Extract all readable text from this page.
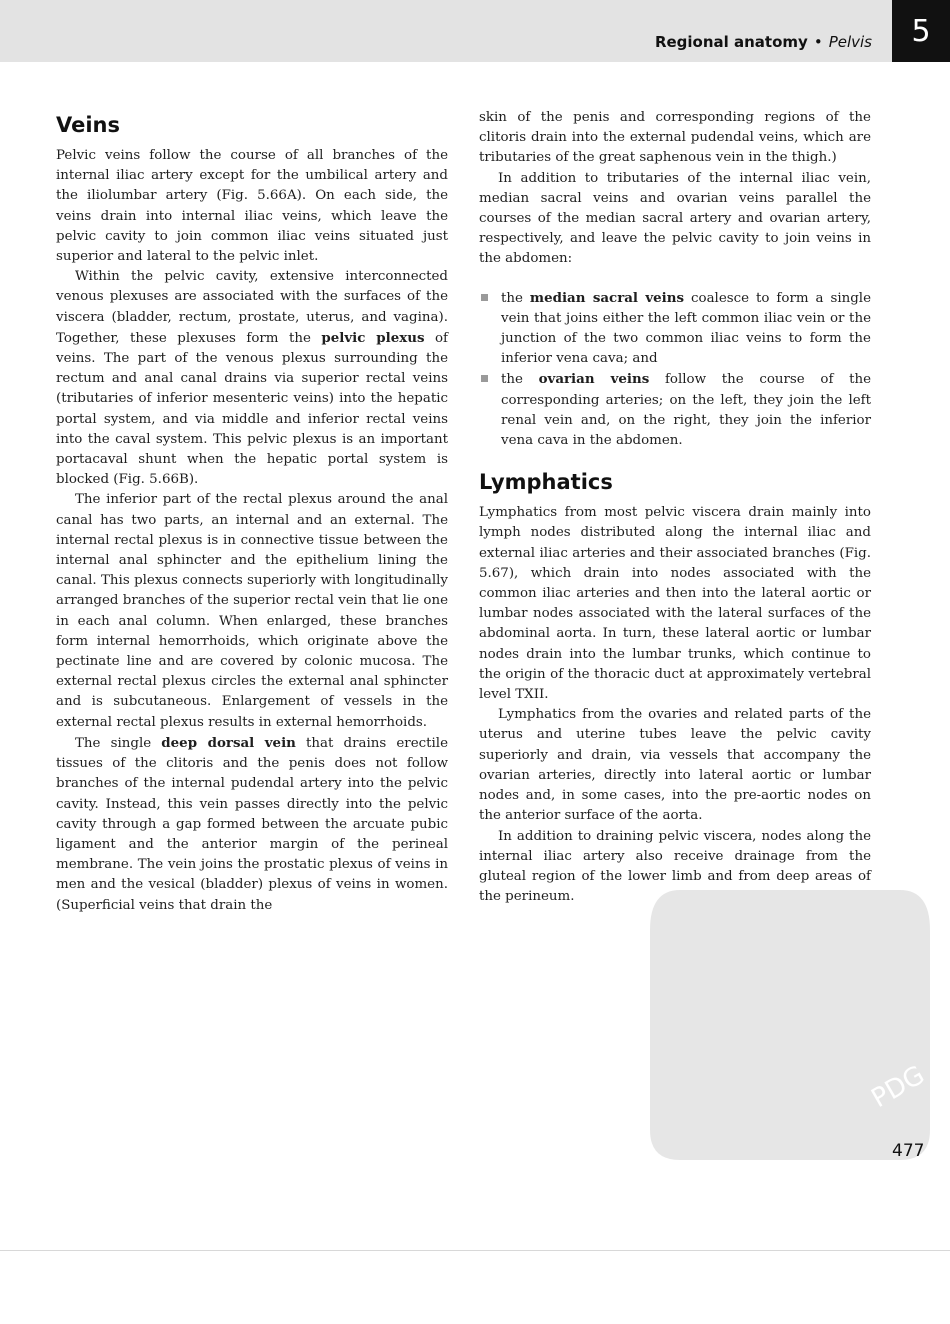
Regional anatomy • Pelvis	5
Veins

Pelvic veins follow the course of all branches of the internal iliac artery except for the umbilical artery and the iliolumbar artery (Fig. 5.66A). On each side, the veins drain into internal iliac veins, which leave the pelvic cavity to join common iliac veins situated just superior and lateral to the pelvic inlet.

Within the pelvic cavity, extensive interconnected venous plexuses are associated with the surfaces of the viscera (bladder, rectum, prostate, uterus, and vagina). Together, these plexuses form the pelvic plexus of veins. The part of the venous plexus surrounding the rectum and anal canal drains via superior rectal veins (tributaries of inferior mesenteric veins) into the hepatic portal system, and via middle and inferior rectal veins into the caval system. This pelvic plexus is an important portacaval shunt when the hepatic portal system is blocked (Fig. 5.66B).

The inferior part of the rectal plexus around the anal canal has two parts, an internal and an external. The internal rectal plexus is in connective tissue between the internal anal sphincter and the epithelium lining the canal. This plexus connects superiorly with longitudinally arranged branches of the superior rectal vein that lie one in each anal column. When enlarged, these branches form internal hemorrhoids, which originate above the pectinate line and are covered by colonic mucosa. The external rectal plexus circles the external anal sphincter and is subcutaneous. Enlargement of vessels in the external rectal plexus results in external hemorrhoids.

The single deep dorsal vein that drains erectile tissues of the clitoris and the penis does not follow branches of the internal pudendal artery into the pelvic cavity. Instead, this vein passes directly into the pelvic cavity through a gap formed between the arcuate pubic ligament and the anterior margin of the perineal membrane. The vein joins the prostatic plexus of veins in men and the vesical (bladder) plexus of veins in women. (Superficial veins that drain the

skin of the penis and corresponding regions of the clitoris drain into the external pudendal veins, which are tributaries of the great saphenous vein in the thigh.)

In addition to tributaries of the internal iliac vein, median sacral veins and ovarian veins parallel the courses of the median sacral artery and ovarian artery, respectively, and leave the pelvic cavity to join veins in the abdomen:

the median sacral veins coalesce to form a single vein that joins either the left common iliac vein or the junction of the two common iliac veins to form the inferior vena cava; and
the ovarian veins follow the course of the corresponding arteries; on the left, they join the left renal vein and, on the right, they join the inferior vena cava in the abdomen.
Lymphatics

Lymphatics from most pelvic viscera drain mainly into lymph nodes distributed along the internal iliac and external iliac arteries and their associated branches (Fig. 5.67), which drain into nodes associated with the common iliac arteries and then into the lateral aortic or lumbar nodes associated with the lateral surfaces of the abdominal aorta. In turn, these lateral aortic or lumbar nodes drain into the lumbar trunks, which continue to the origin of the thoracic duct at approximately vertebral level TXII.

Lymphatics from the ovaries and related parts of the uterus and uterine tubes leave the pelvic cavity superiorly and drain, via vessels that accompany the ovarian arteries, directly into lateral aortic or lumbar nodes and, in some cases, into the pre-aortic nodes on the anterior surface of the aorta.

In addition to draining pelvic viscera, nodes along the internal iliac artery also receive drainage from the gluteal region of the lower limb and from deep areas of the perineum.

PDG
477
